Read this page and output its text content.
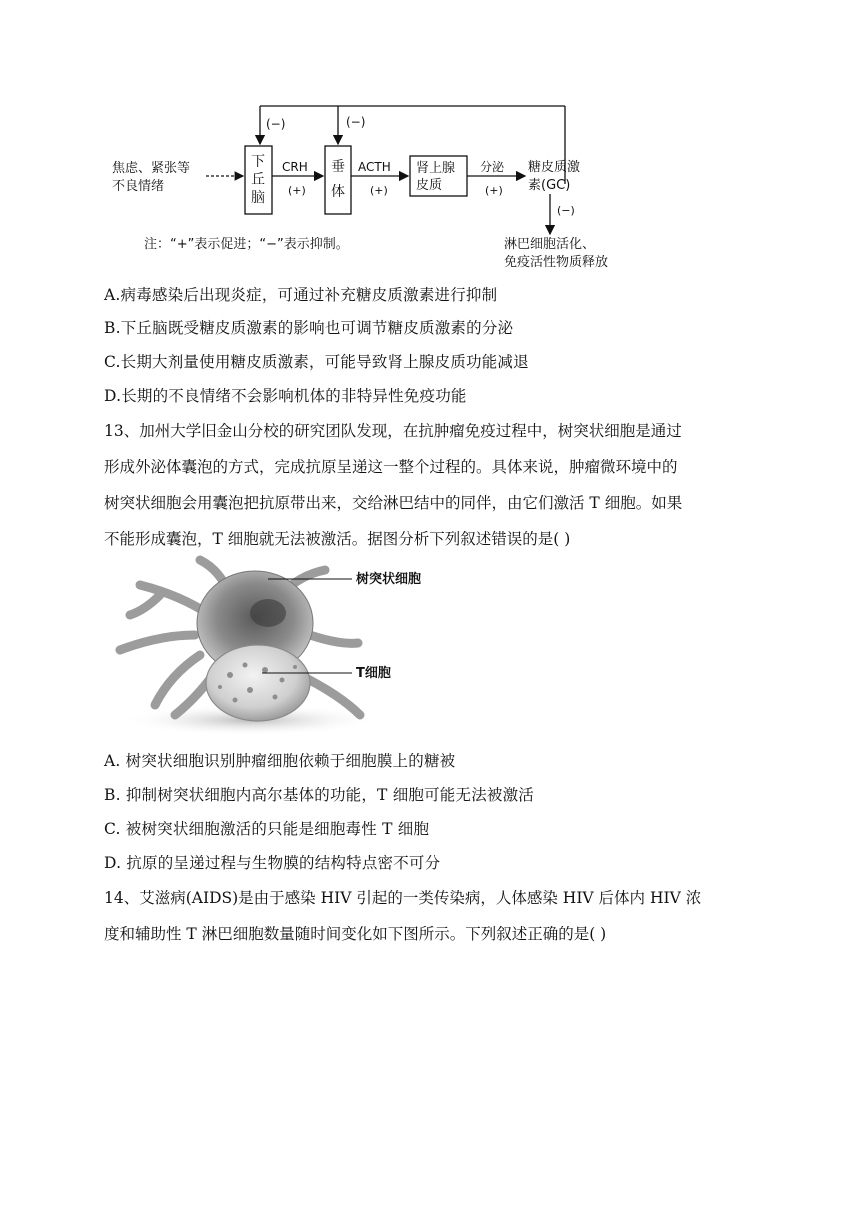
(−)	(−)
焦虑、紧张等
不良情绪
下
丘
脑
CRH
(+)
垂
体
ACTH
(+)
肾上腺
皮质
分泌
(+)
糖皮质激
素(GC)
(−)
注：“+”表示促进；“−”表示抑制。	淋巴细胞活化、
免疫活性物质释放
A.病毒感染后出现炎症，可通过补充糖皮质激素进行抑制
B.下丘脑既受糖皮质激素的影响也可调节糖皮质激素的分泌
C.长期大剂量使用糖皮质激素，可能导致肾上腺皮质功能减退
D.长期的不良情绪不会影响机体的非特异性免疫功能
13、加州大学旧金山分校的研究团队发现，在抗肿瘤免疫过程中，树突状细胞是通过
形成外泌体囊泡的方式，完成抗原呈递这一整个过程的。具体来说，肿瘤微环境中的
树突状细胞会用囊泡把抗原带出来，交给淋巴结中的同伴，由它们激活 T 细胞。如果
不能形成囊泡，T 细胞就无法被激活。据图分析下列叙述错误的是( )
树突状细胞
T细胞
A. 树突状细胞识别肿瘤细胞依赖于细胞膜上的糖被
B. 抑制树突状细胞内高尔基体的功能，T 细胞可能无法被激活
C. 被树突状细胞激活的只能是细胞毒性 T 细胞
D. 抗原的呈递过程与生物膜的结构特点密不可分
14、艾滋病(AIDS)是由于感染 HIV 引起的一类传染病，人体感染 HIV 后体内 HIV 浓
度和辅助性 T 淋巴细胞数量随时间变化如下图所示。下列叙述正确的是( )
